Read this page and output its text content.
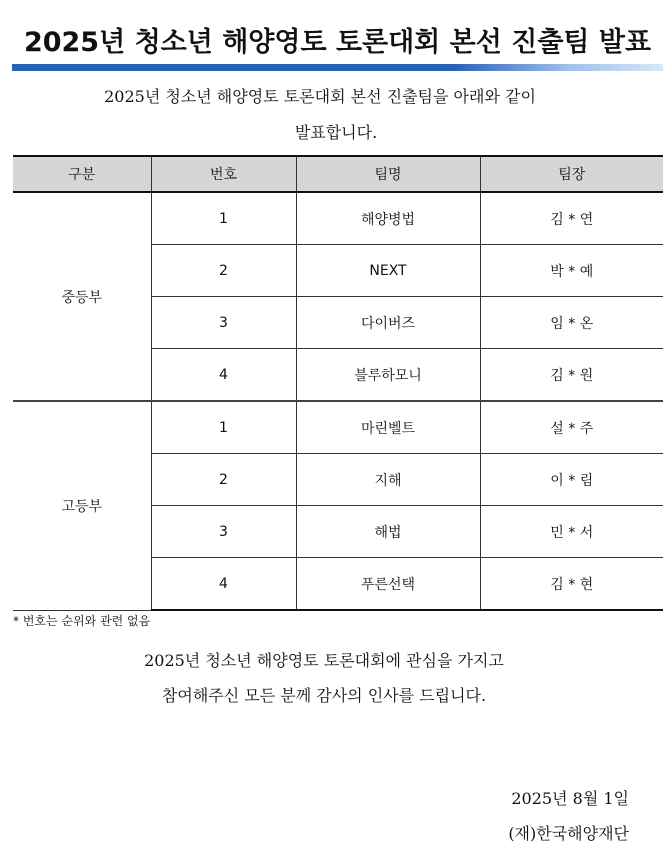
2025년 청소년 해양영토 토론대회 본선 진출팀 발표
2025년 청소년 해양영토 토론대회 본선 진출팀을 아래와 같이
발표합니다.
구분	번호	팀명	팀장
중등부	1	해양병법	김 * 연
	2	NEXT	박 * 예
	3	다이버즈	임 * 온
	4	블루하모니	김 * 원
고등부	1	마린벨트	설 * 주
	2	지해	이 * 림
	3	해법	민 * 서
	4	푸른선택	김 * 현
* 번호는 순위와 관련 없음
2025년 청소년 해양영토 토론대회에 관심을 가지고
참여해주신 모든 분께 감사의 인사를 드립니다.
2025년 8월 1일
(재)한국해양재단
